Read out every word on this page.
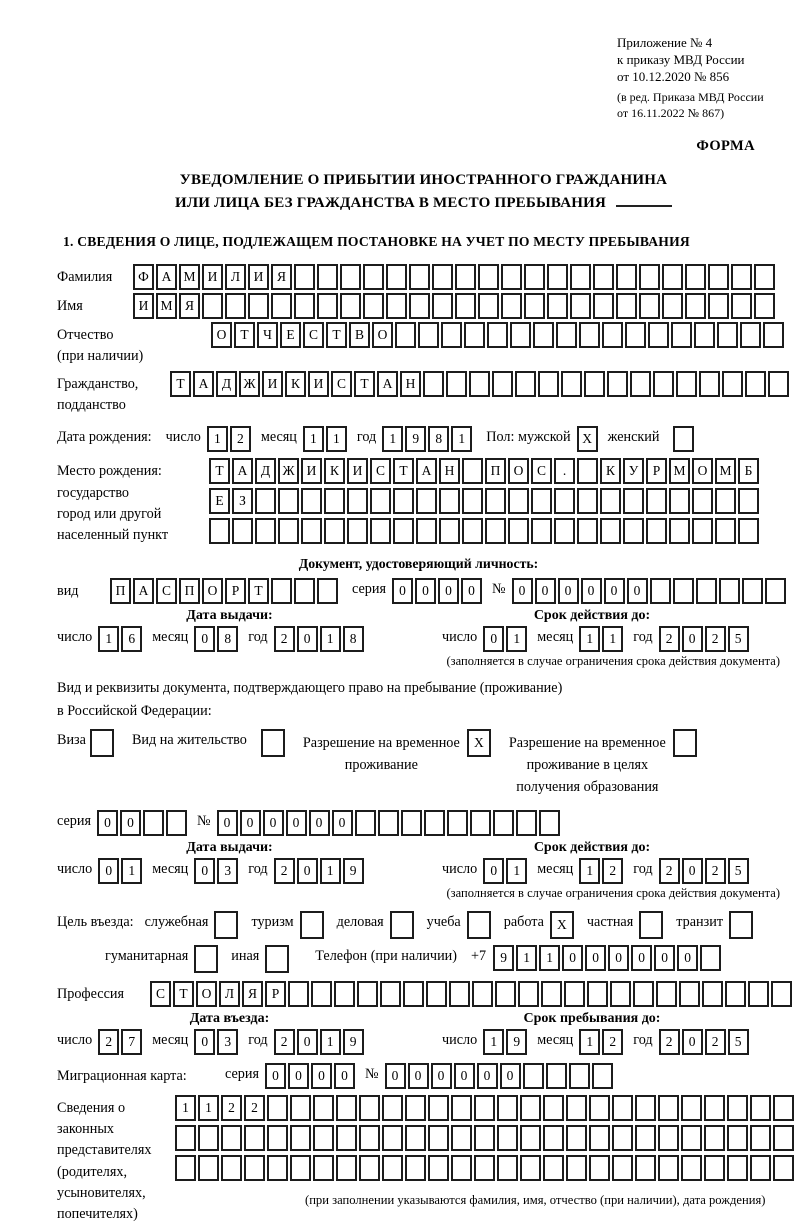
Приложение № 4
к приказу МВД России
от 10.12.2020 № 856
(в ред. Приказа МВД России
от 16.11.2022 № 867)
ФОРМА
УВЕДОМЛЕНИЕ О ПРИБЫТИИ ИНОСТРАННОГО ГРАЖДАНИНА
ИЛИ ЛИЦА БЕЗ ГРАЖДАНСТВА В МЕСТО ПРЕБЫВАНИЯ
1. СВЕДЕНИЯ О ЛИЦЕ, ПОДЛЕЖАЩЕМ ПОСТАНОВКЕ НА УЧЕТ ПО МЕСТУ ПРЕБЫВАНИЯ
Фамилия	Ф А М И	Л	И	Я
Имя	И М Я
Отчество
(при наличии)
О	Т	Ч	Е	С	Т	В	О
Гражданство,
подданство
Т	А	Д Ж И	К	И	С	Т	А Н
Дата рождения: число 1	2	месяц 1	1	год 1	9	8	1	Пол: мужской X	женский
Место рождения:
государство
город или другой
населенный пункт
Т	А	Д Ж И	К	И	С	Т	А Н	П О	С	.	К	У	Р М О М Б
Е	З
Документ, удостоверяющий личность:
вид	П А	С	П О	Р	Т	серия 0	0	0	0	№ 0	0	0	0	0	0
Дата выдачи:	Срок действия до:
число 1	6	месяц 0	8	год 2	0	1	8	число 0	1	месяц 1	1	год 2	0	2	5
(заполняется в случае ограничения срока действия документа)
Вид и реквизиты документа, подтверждающего право на пребывание (проживание)
в Российской Федерации:
Виза	Вид на жительство	Разрешение на временное
проживание
X	Разрешение на временное
проживание в целях
получения образования
серия 0	0	№ 0	0	0	0	0	0
Дата выдачи:	Срок действия до:
число 0	1	месяц 0	3	год 2	0	1	9	число 0	1	месяц 1	2	год 2	0	2	5
(заполняется в случае ограничения срока действия документа)
Цель въезда: служебная	туризм	деловая	учеба	работа X	частная	транзит
гуманитарная	иная	Телефон (при наличии) +7	9	1	1	0	0	0	0	0	0
Профессия	С	Т	О	Л	Я	Р
Дата въезда:	Срок пребывания до:
число 2	7	месяц 0	3	год 2	0	1	9	число 1	9	месяц 1	2	год 2	0	2	5
Миграционная карта:	серия 0	0	0	0	№ 0	0	0	0	0	0
Сведения о
законных
представителях
(родителях,
усыновителях,
попечителях)
1	1	2	2
(при заполнении указываются фамилия, имя, отчество (при наличии), дата рождения)
